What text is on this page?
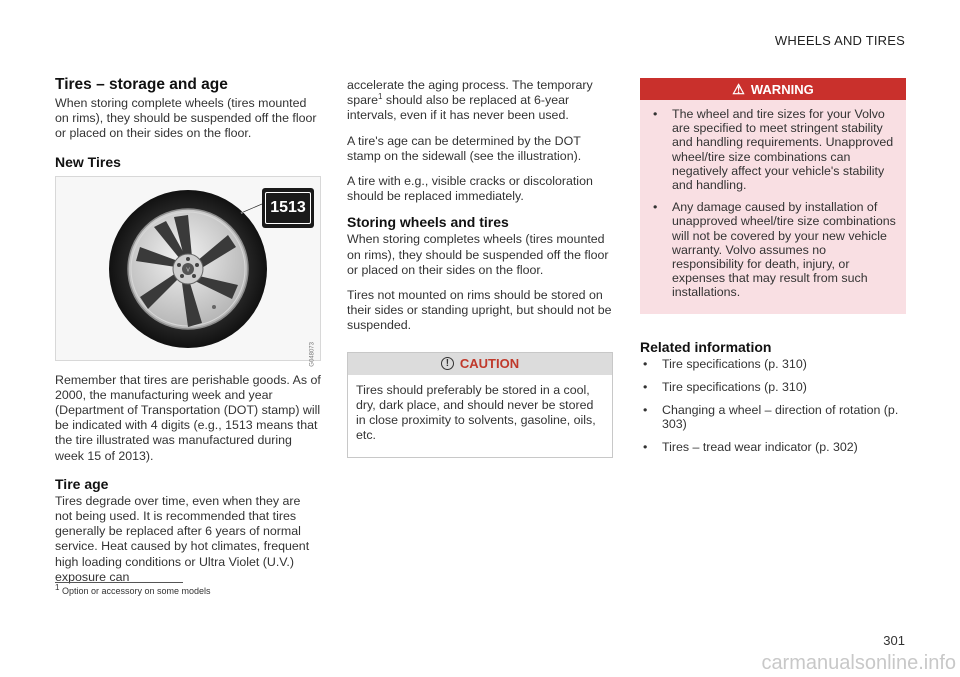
WHEELS AND TIRES
Tires – storage and age

When storing complete wheels (tires mounted on rims), they should be suspended off the floor or placed on their sides on the floor.

New Tires
V
1513
G048073

Remember that tires are perishable goods. As of 2000, the manufacturing week and year (Department of Transportation (DOT) stamp) will be indicated with 4 digits (e.g., 1513 means that the tire illustrated was manufactured during week 15 of 2013).

Tire age

Tires degrade over time, even when they are not being used. It is recommended that tires generally be replaced after 6 years of normal service. Heat caused by hot climates, frequent high loading conditions or Ultra Violet (U.V.) exposure can

accelerate the aging process. The temporary spare$^1$ should also be replaced at 6-year intervals, even if it has never been used.

A tire's age can be determined by the DOT stamp on the sidewall (see the illustration).

A tire with e.g., visible cracks or discoloration should be replaced immediately.

Storing wheels and tires

When storing completes wheels (tires mounted on rims), they should be suspended off the floor or placed on their sides on the floor.

Tires not mounted on rims should be stored on their sides or standing upright, but should not be suspended.

! CAUTION

Tires should preferably be stored in a cool, dry, dark place, and should never be stored in close proximity to solvents, gasoline, oils, etc.

⚠ WARNING
• The wheel and tire sizes for your Volvo are specified to meet stringent stability and handling requirements. Unapproved wheel/tire size combinations can negatively affect your vehicle's stability and handling.
• Any damage caused by installation of unapproved wheel/tire size combinations will not be covered by your new vehicle warranty. Volvo assumes no responsibility for death, injury, or expenses that may result from such installations.
Related information
• Tire specifications (p. 310)
• Tire specifications (p. 310)
• Changing a wheel – direction of rotation (p. 303)
• Tires – tread wear indicator (p. 302)
$^1$ Option or accessory on some models
301
carmanualsonline.info
